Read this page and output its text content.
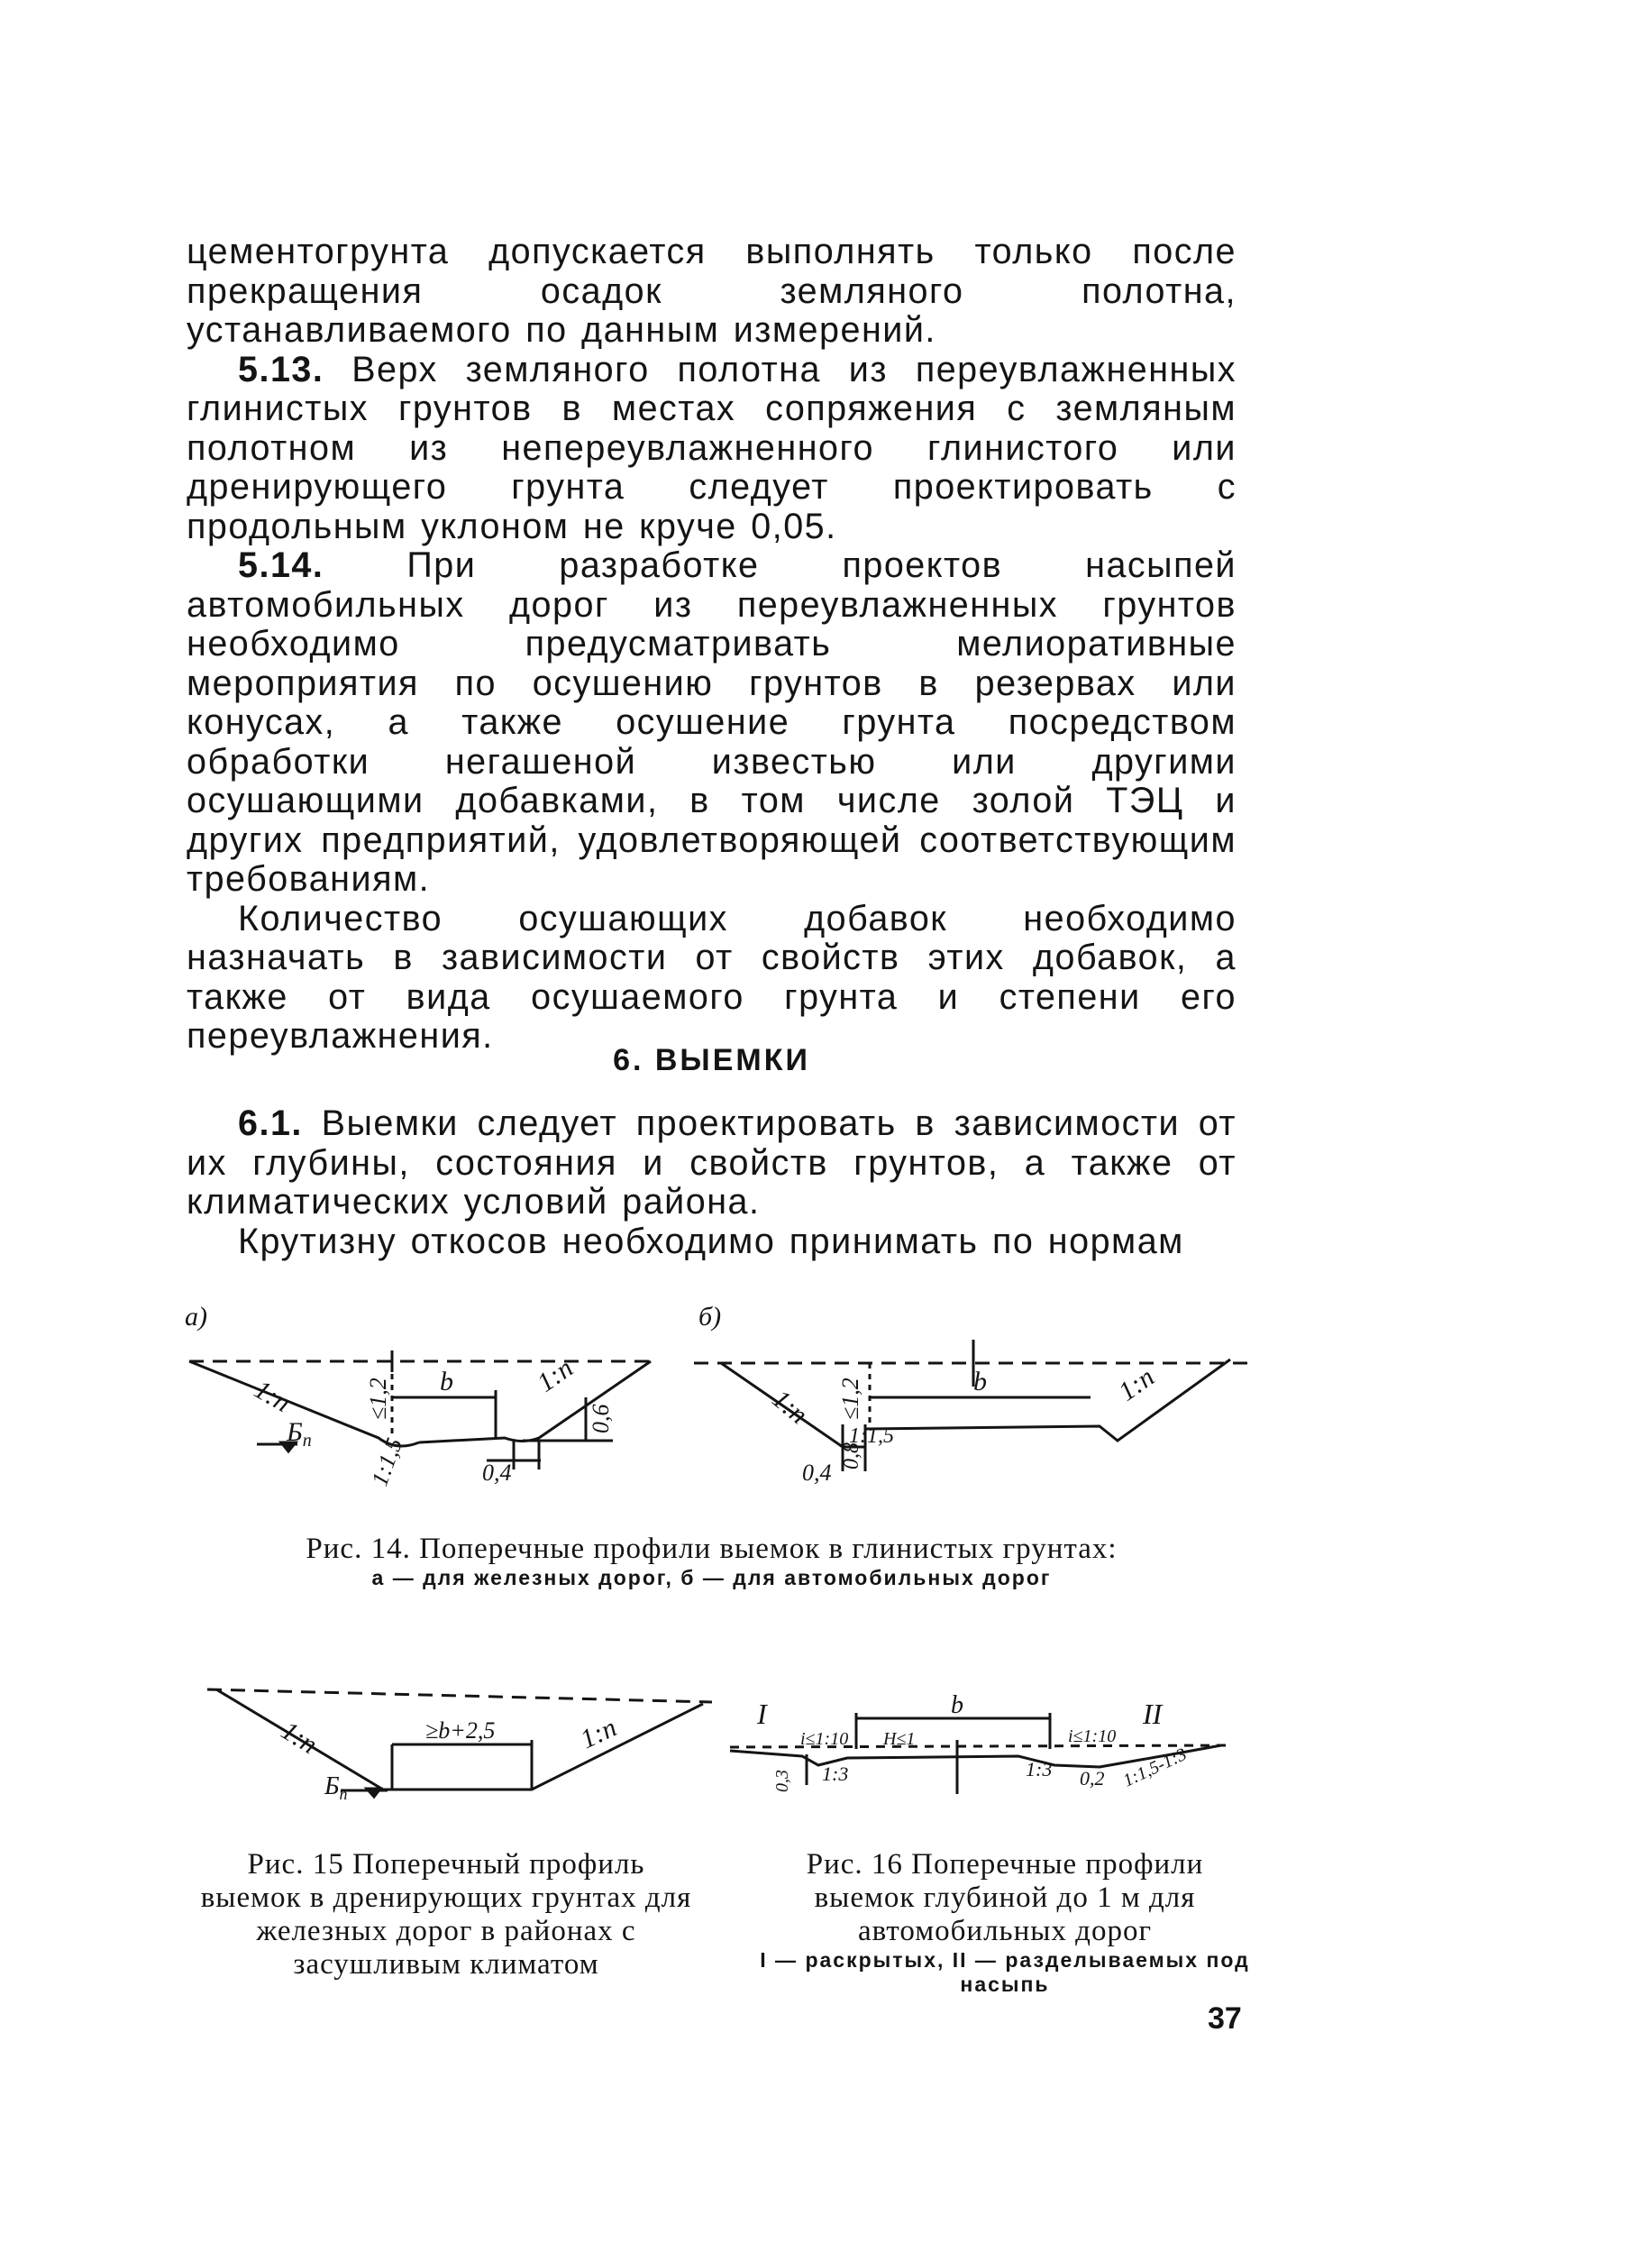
цементогрунта допускается выполнять только после прекращения осадок земляного полотна, устанавливаемого по данным измерений.

5.13. Верх земляного полотна из переувлажненных глинистых грунтов в местах сопряжения с земляным полотном из непереувлажненного глинистого или дренирующего грунта следует проектировать с продольным уклоном не круче 0,05.

5.14. При разработке проектов насыпей автомобильных дорог из переувлажненных грунтов необходимо предусматривать мелиоративные мероприятия по осушению грунтов в резервах или конусах, а также осушение грунта посредством обработки негашеной известью или другими осушающими добавками, в том числе золой ТЭЦ и других предприятий, удовлетворяющей соответствующим требованиям.

Количество осушающих добавок необходимо назначать в зависимости от свойств этих добавок, а также от вида осушаемого грунта и степени его переувлажнения.

6. ВЫЕМКИ

6.1. Выемки следует проектировать в зависимости от их глубины, состояния и свойств грунтов, а также от климатических условий района.

Крутизну откосов необходимо принимать по нормам

а)	б)
1:n	1:n
≤1,2 b
0,6
0,4
1:1,5
$Б_п$
1:n	1:n
≤1,2	b
0,8
0,4
1:1,5
Рис. 14. Поперечные профили выемок в глинистых грунтах:
а — для железных дорог, б — для автомобильных дорог
1:n	1:n
≥b+2,5
$Б_п$
Рис. 15 Поперечный профиль выемок в дренирующих грунтах для железных дорог в районах с засушливым климатом
I	II
b
i≤1:10	i≤1:10
H≤1
0,3	0,2
1:3	1:3	1:1,5-1:3
Рис. 16 Поперечные профили выемок глубиной до 1 м для автомобильных дорог
I — раскрытых, II — разделываемых под насыпь
37
